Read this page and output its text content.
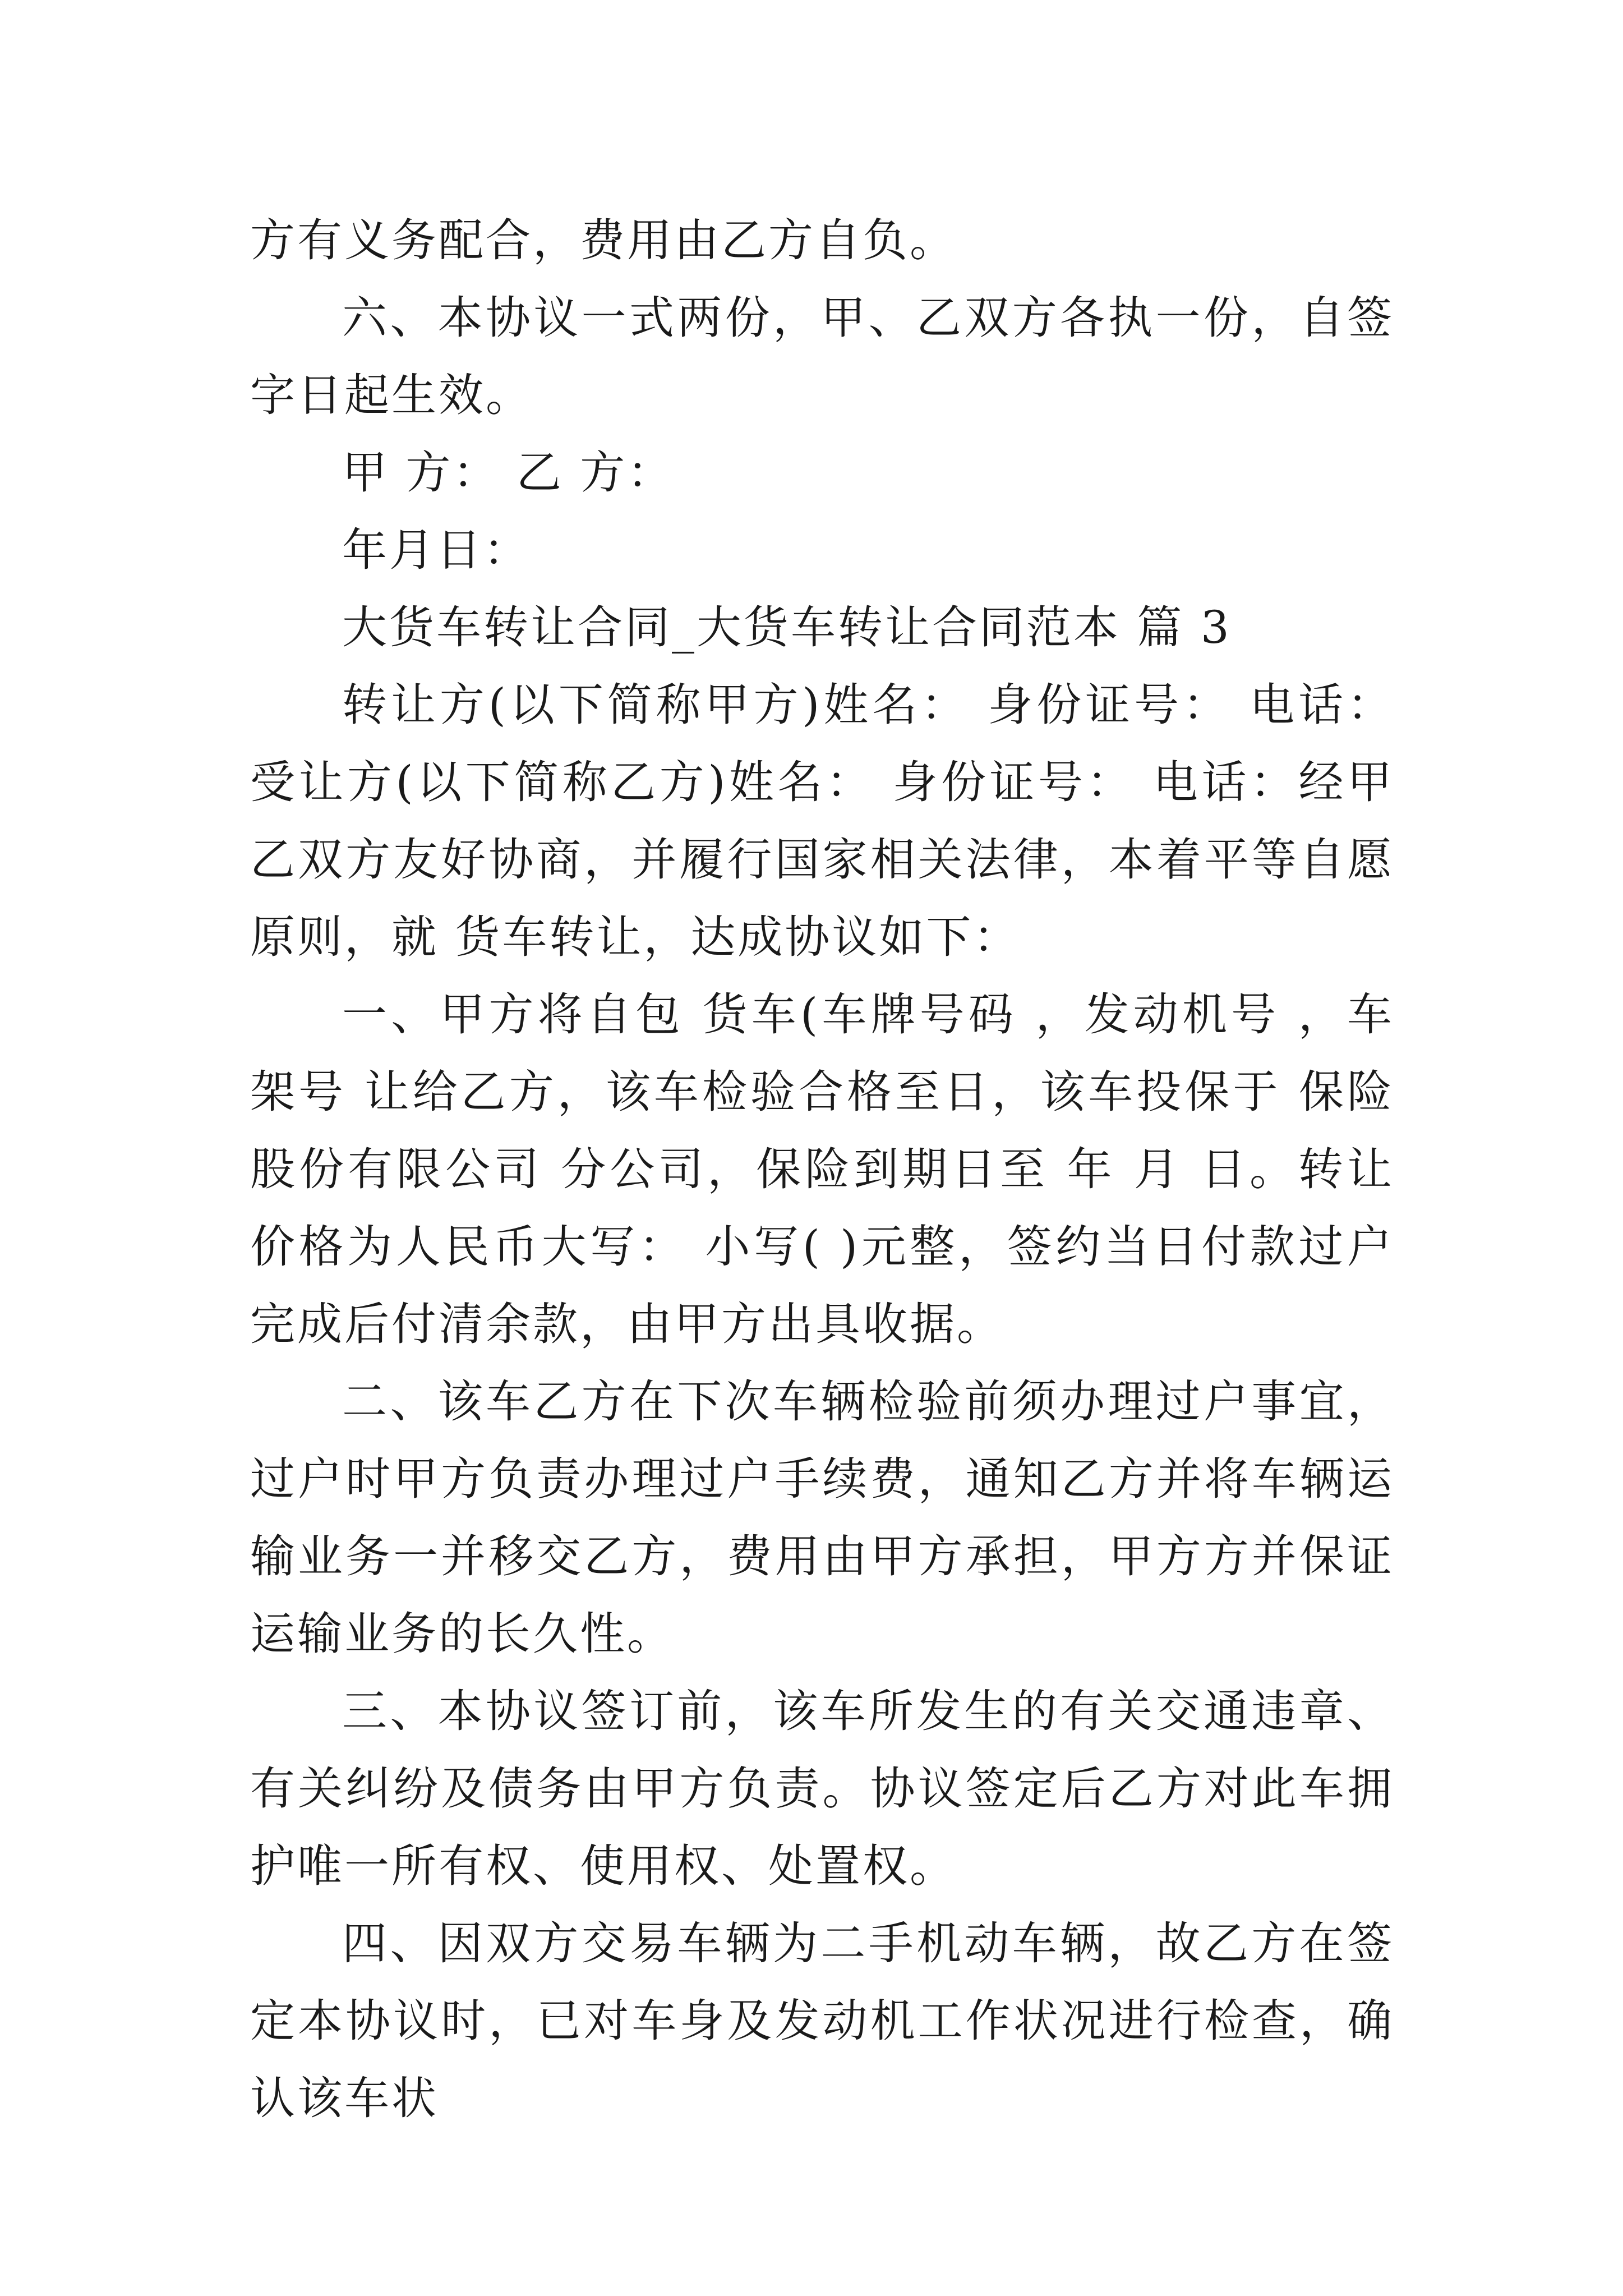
方有义务配合，费用由乙方自负。

六、本协议一式两份，甲、乙双方各执一份，自签字日起生效。

甲 方： 乙 方：

年月日：

大货车转让合同_大货车转让合同范本 篇 3

转让方(以下简称甲方)姓名： 身份证号： 电话：受让方(以下简称乙方)姓名： 身份证号： 电话：经甲乙双方友好协商，并履行国家相关法律，本着平等自愿原则，就 货车转让，达成协议如下：

一、甲方将自包 货车(车牌号码 ，发动机号 ，车架号 让给乙方，该车检验合格至日，该车投保于 保险股份有限公司 分公司，保险到期日至 年 月 日。转让价格为人民币大写： 小写( )元整，签约当日付款过户完成后付清余款，由甲方出具收据。

二、该车乙方在下次车辆检验前须办理过户事宜，过户时甲方负责办理过户手续费，通知乙方并将车辆运输业务一并移交乙方，费用由甲方承担，甲方方并保证运输业务的长久性。

三、本协议签订前，该车所发生的有关交通违章、有关纠纷及债务由甲方负责。协议签定后乙方对此车拥护唯一所有权、使用权、处置权。

四、因双方交易车辆为二手机动车辆，故乙方在签定本协议时，已对车身及发动机工作状况进行检查，确认该车状
